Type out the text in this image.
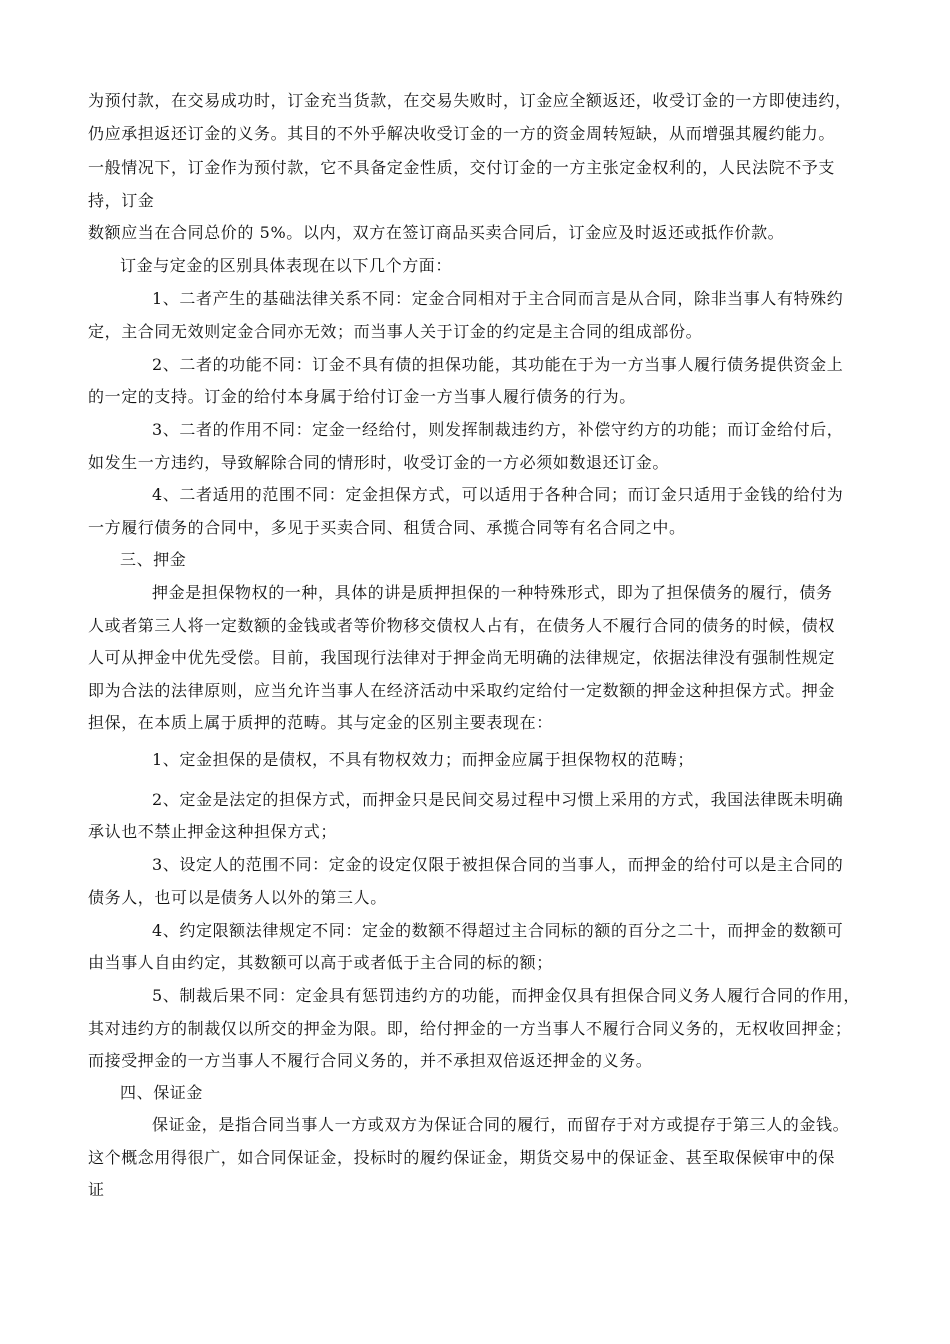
为预付款，在交易成功时，订金充当货款，在交易失败时，订金应全额返还，收受订金的一方即使违约，
仍应承担返还订金的义务。其目的不外乎解决收受订金的一方的资金周转短缺，从而增强其履约能力。
一般情况下，订金作为预付款，它不具备定金性质，交付订金的一方主张定金权利的，人民法院不予支
持，订金
数额应当在合同总价的 5%。以内，双方在签订商品买卖合同后，订金应及时返还或抵作价款。
订金与定金的区别具体表现在以下几个方面：
1、二者产生的基础法律关系不同：定金合同相对于主合同而言是从合同，除非当事人有特殊约
定，主合同无效则定金合同亦无效；而当事人关于订金的约定是主合同的组成部份。
2、二者的功能不同：订金不具有债的担保功能，其功能在于为一方当事人履行债务提供资金上
的一定的支持。订金的给付本身属于给付订金一方当事人履行债务的行为。
3、二者的作用不同：定金一经给付，则发挥制裁违约方，补偿守约方的功能；而订金给付后，
如发生一方违约，导致解除合同的情形时，收受订金的一方必须如数退还订金。
4、二者适用的范围不同：定金担保方式，可以适用于各种合同；而订金只适用于金钱的给付为
一方履行债务的合同中，多见于买卖合同、租赁合同、承揽合同等有名合同之中。
三、押金
押金是担保物权的一种，具体的讲是质押担保的一种特殊形式，即为了担保债务的履行，债务
人或者第三人将一定数额的金钱或者等价物移交债权人占有，在债务人不履行合同的债务的时候，债权
人可从押金中优先受偿。目前，我国现行法律对于押金尚无明确的法律规定，依据法律没有强制性规定
即为合法的法律原则，应当允许当事人在经济活动中采取约定给付一定数额的押金这种担保方式。押金
担保，在本质上属于质押的范畴。其与定金的区别主要表现在：
1、定金担保的是债权，不具有物权效力；而押金应属于担保物权的范畴；
2、定金是法定的担保方式，而押金只是民间交易过程中习惯上采用的方式，我国法律既未明确
承认也不禁止押金这种担保方式；
3、设定人的范围不同：定金的设定仅限于被担保合同的当事人，而押金的给付可以是主合同的
债务人，也可以是债务人以外的第三人。
4、约定限额法律规定不同：定金的数额不得超过主合同标的额的百分之二十，而押金的数额可
由当事人自由约定，其数额可以高于或者低于主合同的标的额；
5、制裁后果不同：定金具有惩罚违约方的功能，而押金仅具有担保合同义务人履行合同的作用，
其对违约方的制裁仅以所交的押金为限。即，给付押金的一方当事人不履行合同义务的，无权收回押金；
而接受押金的一方当事人不履行合同义务的，并不承担双倍返还押金的义务。
四、保证金
保证金，是指合同当事人一方或双方为保证合同的履行，而留存于对方或提存于第三人的金钱。
这个概念用得很广，如合同保证金，投标时的履约保证金，期货交易中的保证金、甚至取保候审中的保
证
